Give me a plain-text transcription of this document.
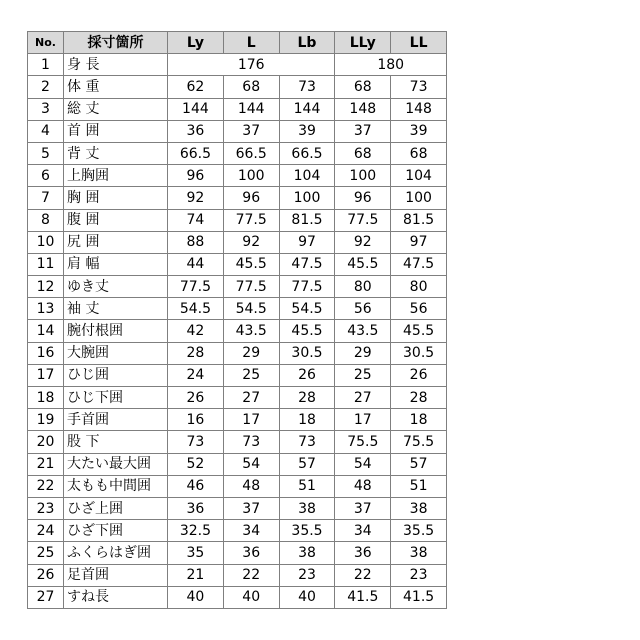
No.	採寸箇所	Ly	L	Lb	LLy	LL
1	身 長	176			180	
2	体 重	62	68	73	68	73
3	総 丈	144	144	144	148	148
4	首 囲	36	37	39	37	39
5	背 丈	66.5	66.5	66.5	68	68
6	上胸囲	96	100	104	100	104
7	胸 囲	92	96	100	96	100
8	腹 囲	74	77.5	81.5	77.5	81.5
10	尻 囲	88	92	97	92	97
11	肩 幅	44	45.5	47.5	45.5	47.5
12	ゆき丈	77.5	77.5	77.5	80	80
13	袖 丈	54.5	54.5	54.5	56	56
14	腕付根囲	42	43.5	45.5	43.5	45.5
16	大腕囲	28	29	30.5	29	30.5
17	ひじ囲	24	25	26	25	26
18	ひじ下囲	26	27	28	27	28
19	手首囲	16	17	18	17	18
20	股 下	73	73	73	75.5	75.5
21	大たい最大囲	52	54	57	54	57
22	太もも中間囲	46	48	51	48	51
23	ひざ上囲	36	37	38	37	38
24	ひざ下囲	32.5	34	35.5	34	35.5
25	ふくらはぎ囲	35	36	38	36	38
26	足首囲	21	22	23	22	23
27	すね長	40	40	40	41.5	41.5
